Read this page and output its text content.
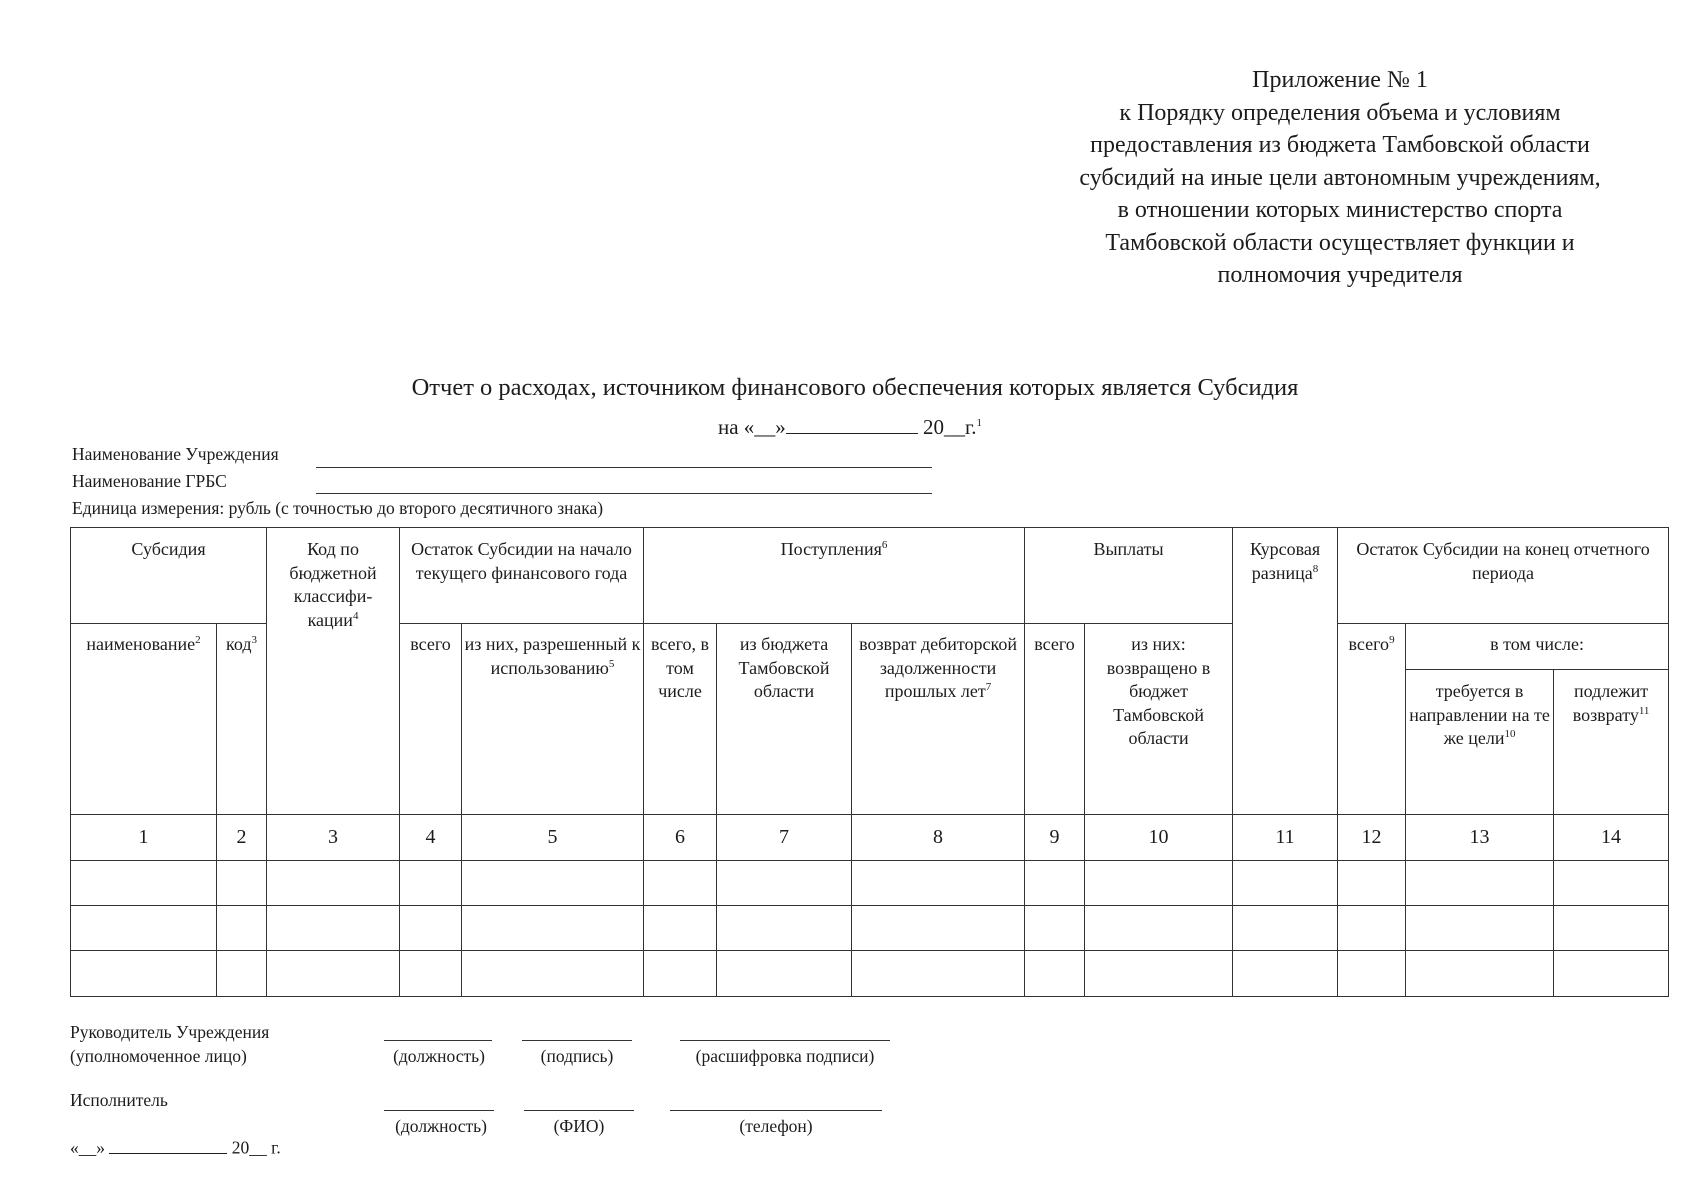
Приложение № 1
к Порядку определения объема и условиям
предоставления из бюджета Тамбовской области
субсидий на иные цели автономным учреждениям,
в отношении которых министерство спорта
Тамбовской области осуществляет функции и
полномочия учредителя
Отчет о расходах, источником финансового обеспечения которых является Субсидия
на «__»	20__г.$^1$
Наименование Учреждения
Наименование ГРБС
Единица измерения: рубль (с точностью до второго десятичного знака)
Субсидия		Код по бюджетной классифи-кации$^4$	Остаток Субсидии на начало текущего финансового года		Поступления$^6$			Выплаты		Курсовая разница$^8$	Остаток Субсидии на конец отчетного периода		
наименование$^2$	код$^3$		всего	из них, разрешенный к использованию$^5$	всего, в том числе	из бюджета Тамбовской области	возврат дебиторской задолженности прошлых лет$^7$	всего	из них: возвращено в бюджет Тамбовской области		всего$^9$	в том числе:	
												требуется в направлении на те же цели$^{10}$	подлежит возврату$^{11}$
1	2	3	4	5	6	7	8	9	10	11	12	13	14

Руководитель Учреждения
(уполномоченное лицо)	(должность)	(подпись)	(расшифровка подписи)
Исполнитель
(должность)	(ФИО)	(телефон)
«__»	20__ г.
